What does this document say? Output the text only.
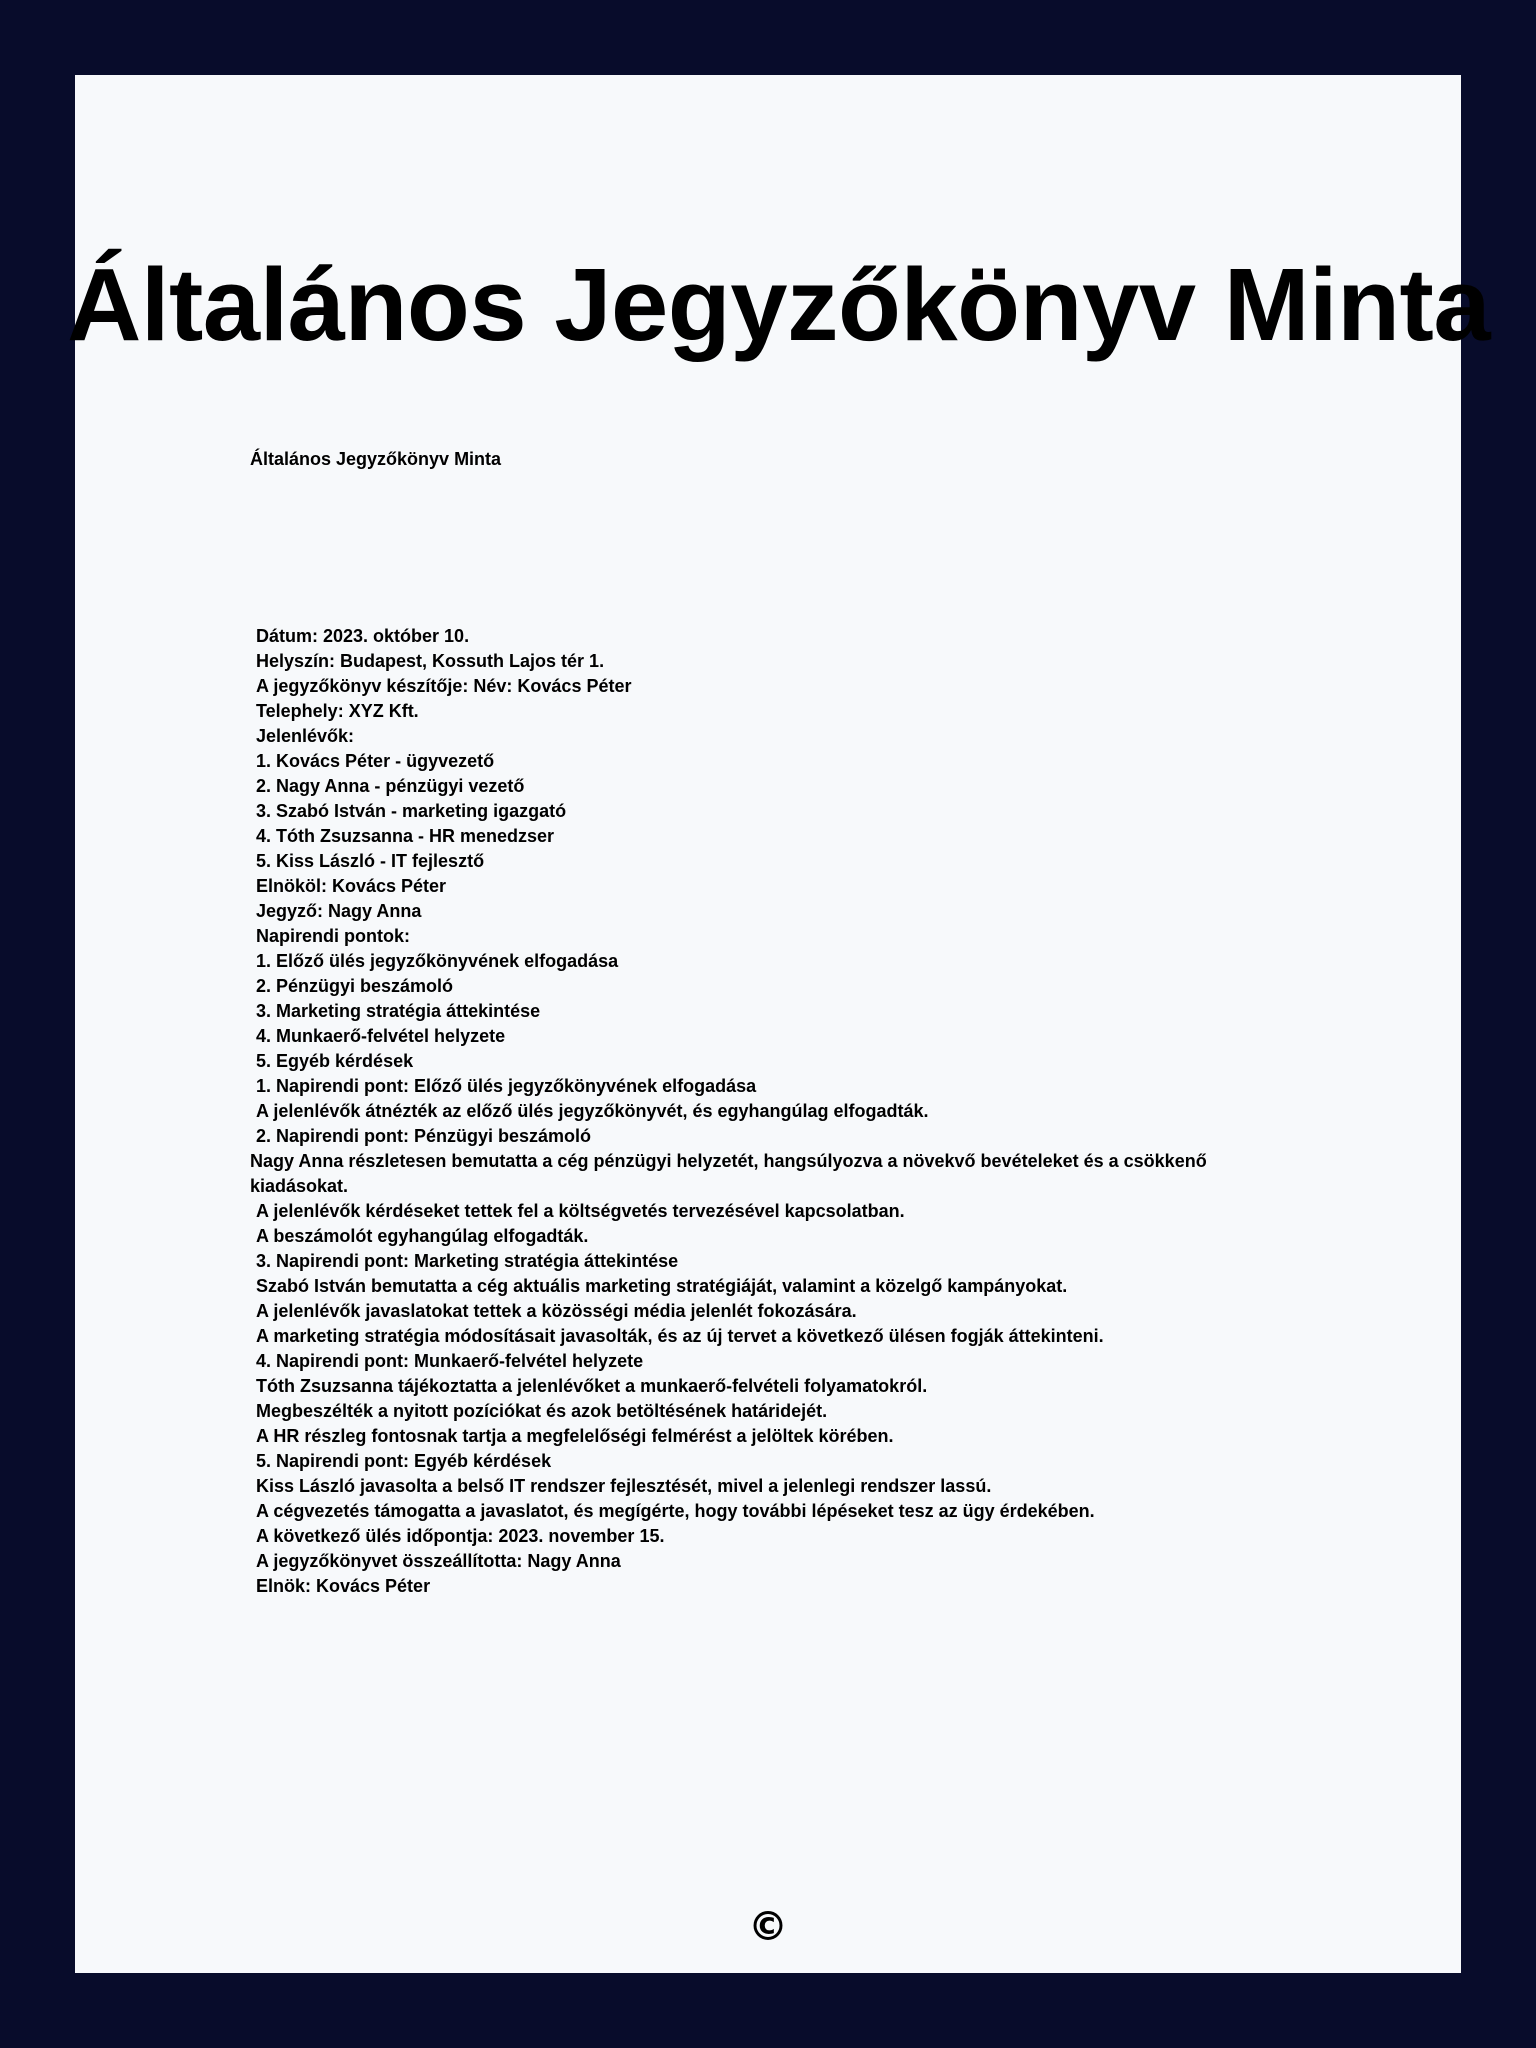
Általános Jegyzőkönyv Minta
Általános Jegyzőkönyv Minta
Dátum: 2023. október 10.
Helyszín: Budapest, Kossuth Lajos tér 1.
A jegyzőkönyv készítője: Név: Kovács Péter
Telephely: XYZ Kft.
Jelenlévők:
1. Kovács Péter - ügyvezető
2. Nagy Anna - pénzügyi vezető
3. Szabó István - marketing igazgató
4. Tóth Zsuzsanna - HR menedzser
5. Kiss László - IT fejlesztő
Elnököl: Kovács Péter
Jegyző: Nagy Anna
Napirendi pontok:
1. Előző ülés jegyzőkönyvének elfogadása
2. Pénzügyi beszámoló
3. Marketing stratégia áttekintése
4. Munkaerő-felvétel helyzete
5. Egyéb kérdések
1. Napirendi pont: Előző ülés jegyzőkönyvének elfogadása
A jelenlévők átnézték az előző ülés jegyzőkönyvét, és egyhangúlag elfogadták.
2. Napirendi pont: Pénzügyi beszámoló
Nagy Anna részletesen bemutatta a cég pénzügyi helyzetét, hangsúlyozva a növekvő bevételeket és a csökkenő kiadásokat.
A jelenlévők kérdéseket tettek fel a költségvetés tervezésével kapcsolatban.
A beszámolót egyhangúlag elfogadták.
3. Napirendi pont: Marketing stratégia áttekintése
Szabó István bemutatta a cég aktuális marketing stratégiáját, valamint a közelgő kampányokat.
A jelenlévők javaslatokat tettek a közösségi média jelenlét fokozására.
A marketing stratégia módosításait javasolták, és az új tervet a következő ülésen fogják áttekinteni.
4. Napirendi pont: Munkaerő-felvétel helyzete
Tóth Zsuzsanna tájékoztatta a jelenlévőket a munkaerő-felvételi folyamatokról.
Megbeszélték a nyitott pozíciókat és azok betöltésének határidejét.
A HR részleg fontosnak tartja a megfelelőségi felmérést a jelöltek körében.
5. Napirendi pont: Egyéb kérdések
Kiss László javasolta a belső IT rendszer fejlesztését, mivel a jelenlegi rendszer lassú.
A cégvezetés támogatta a javaslatot, és megígérte, hogy további lépéseket tesz az ügy érdekében.
A következő ülés időpontja: 2023. november 15.
A jegyzőkönyvet összeállította: Nagy Anna
Elnök: Kovács Péter
©
